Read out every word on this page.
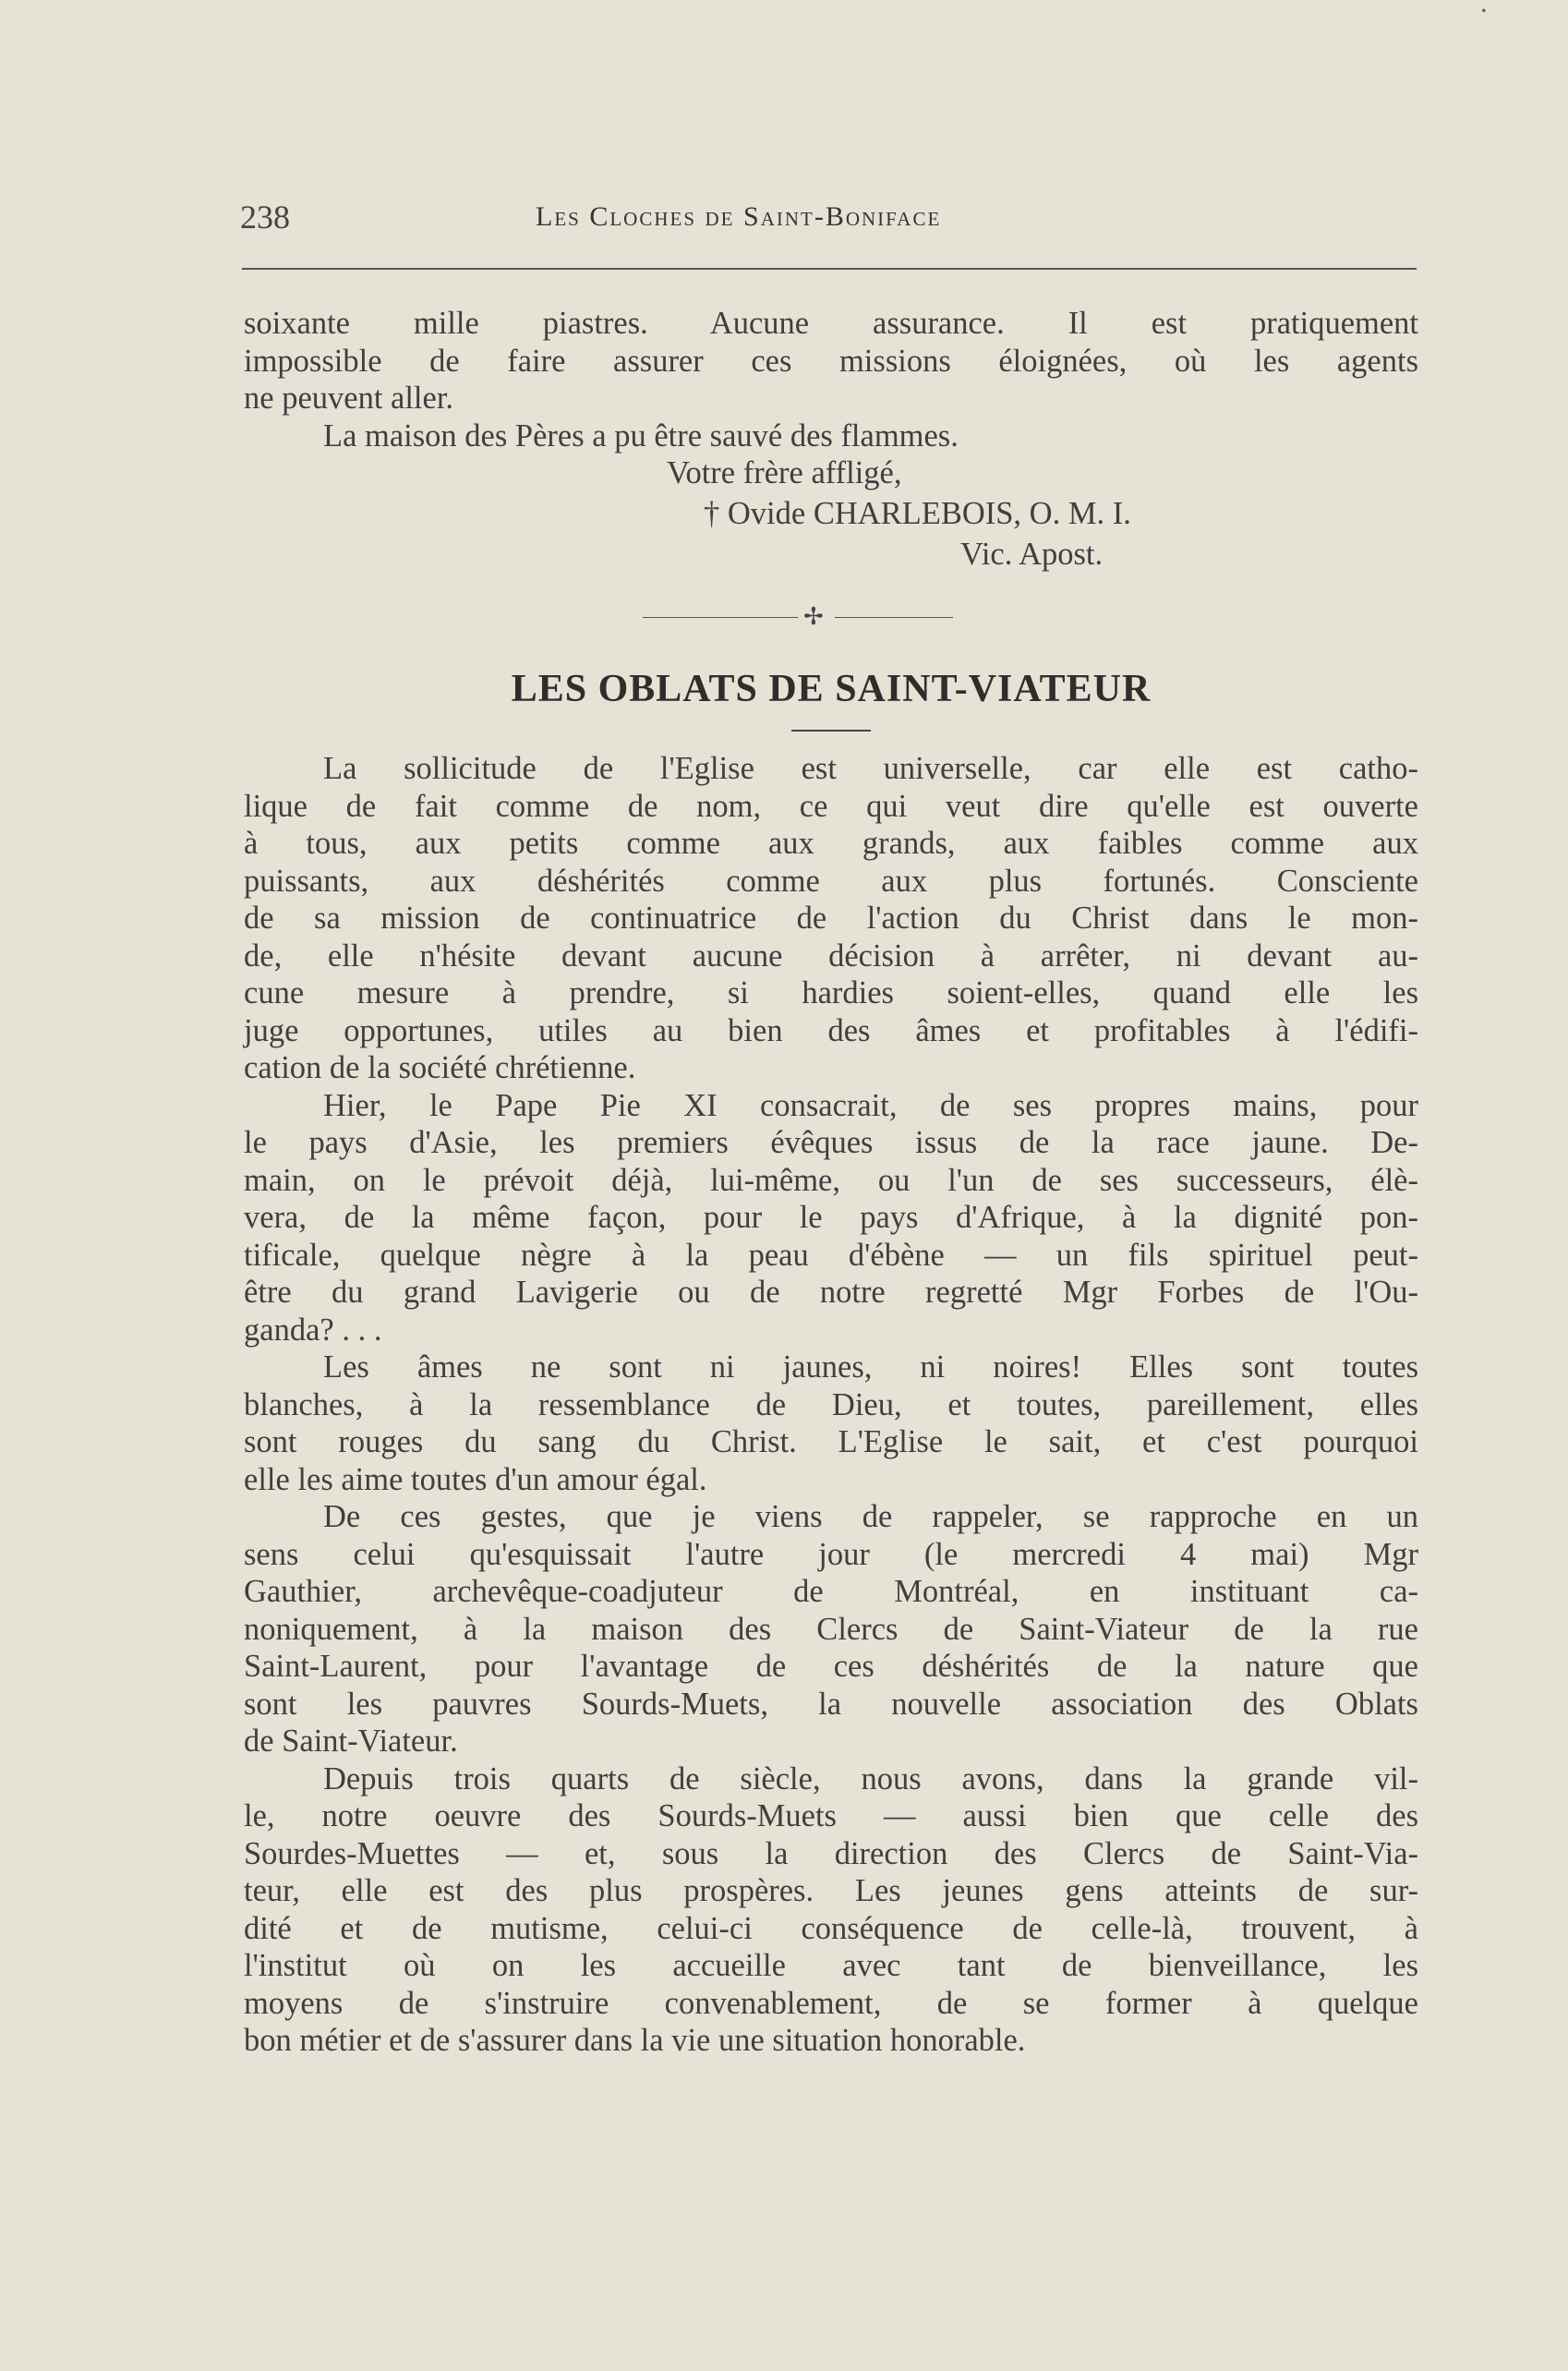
•
238	Les Cloches de Saint-Boniface
soixante mille piastres. Aucune assurance. Il est pratiquement
impossible de faire assurer ces missions éloignées, où les agents
ne peuvent aller.
La maison des Pères a pu être sauvé des flammes.
Votre frère affligé,
† Ovide CHARLEBOIS, O. M. I.
Vic. Apost.
✢
LES OBLATS DE SAINT-VIATEUR
La sollicitude de l'Eglise est universelle, car elle est catho-
lique de fait comme de nom, ce qui veut dire qu'elle est ouverte
à tous, aux petits comme aux grands, aux faibles comme aux
puissants, aux déshérités comme aux plus fortunés. Consciente
de sa mission de continuatrice de l'action du Christ dans le mon-
de, elle n'hésite devant aucune décision à arrêter, ni devant au-
cune mesure à prendre, si hardies soient-elles, quand elle les
juge opportunes, utiles au bien des âmes et profitables à l'édifi-
cation de la société chrétienne.
Hier, le Pape Pie XI consacrait, de ses propres mains, pour
le pays d'Asie, les premiers évêques issus de la race jaune. De-
main, on le prévoit déjà, lui-même, ou l'un de ses successeurs, élè-
vera, de la même façon, pour le pays d'Afrique, à la dignité pon-
tificale, quelque nègre à la peau d'ébène — un fils spirituel peut-
être du grand Lavigerie ou de notre regretté Mgr Forbes de l'Ou-
ganda? . . .
Les âmes ne sont ni jaunes, ni noires! Elles sont toutes
blanches, à la ressemblance de Dieu, et toutes, pareillement, elles
sont rouges du sang du Christ. L'Eglise le sait, et c'est pourquoi
elle les aime toutes d'un amour égal.
De ces gestes, que je viens de rappeler, se rapproche en un
sens celui qu'esquissait l'autre jour (le mercredi 4 mai) Mgr
Gauthier, archevêque-coadjuteur de Montréal, en instituant ca-
noniquement, à la maison des Clercs de Saint-Viateur de la rue
Saint-Laurent, pour l'avantage de ces déshérités de la nature que
sont les pauvres Sourds-Muets, la nouvelle association des Oblats
de Saint-Viateur.
Depuis trois quarts de siècle, nous avons, dans la grande vil-
le, notre oeuvre des Sourds-Muets — aussi bien que celle des
Sourdes-Muettes — et, sous la direction des Clercs de Saint-Via-
teur, elle est des plus prospères. Les jeunes gens atteints de sur-
dité et de mutisme, celui-ci conséquence de celle-là, trouvent, à
l'institut où on les accueille avec tant de bienveillance, les
moyens de s'instruire convenablement, de se former à quelque
bon métier et de s'assurer dans la vie une situation honorable.
